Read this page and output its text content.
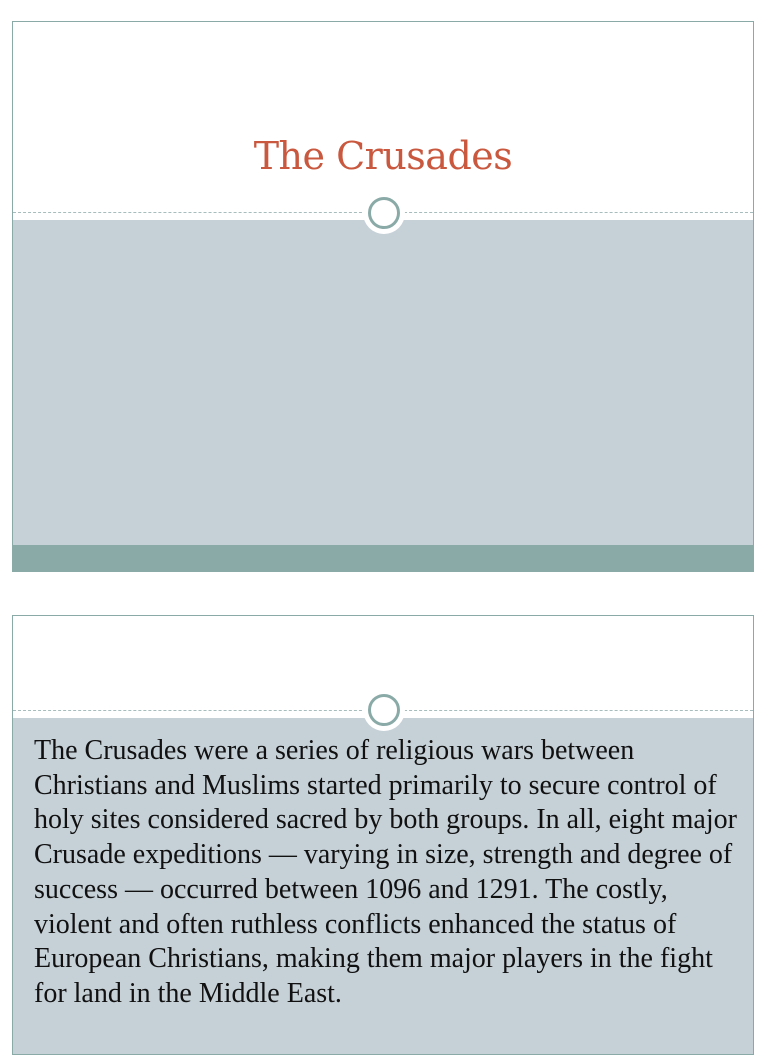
The Crusades

The Crusades were a series of religious wars between Christians and Muslims started primarily to secure control of holy sites considered sacred by both groups. In all, eight major Crusade expeditions — varying in size, strength and degree of success — occurred between 1096 and 1291. The costly, violent and often ruthless conflicts enhanced the status of European Christians, making them major players in the fight for land in the Middle East.
